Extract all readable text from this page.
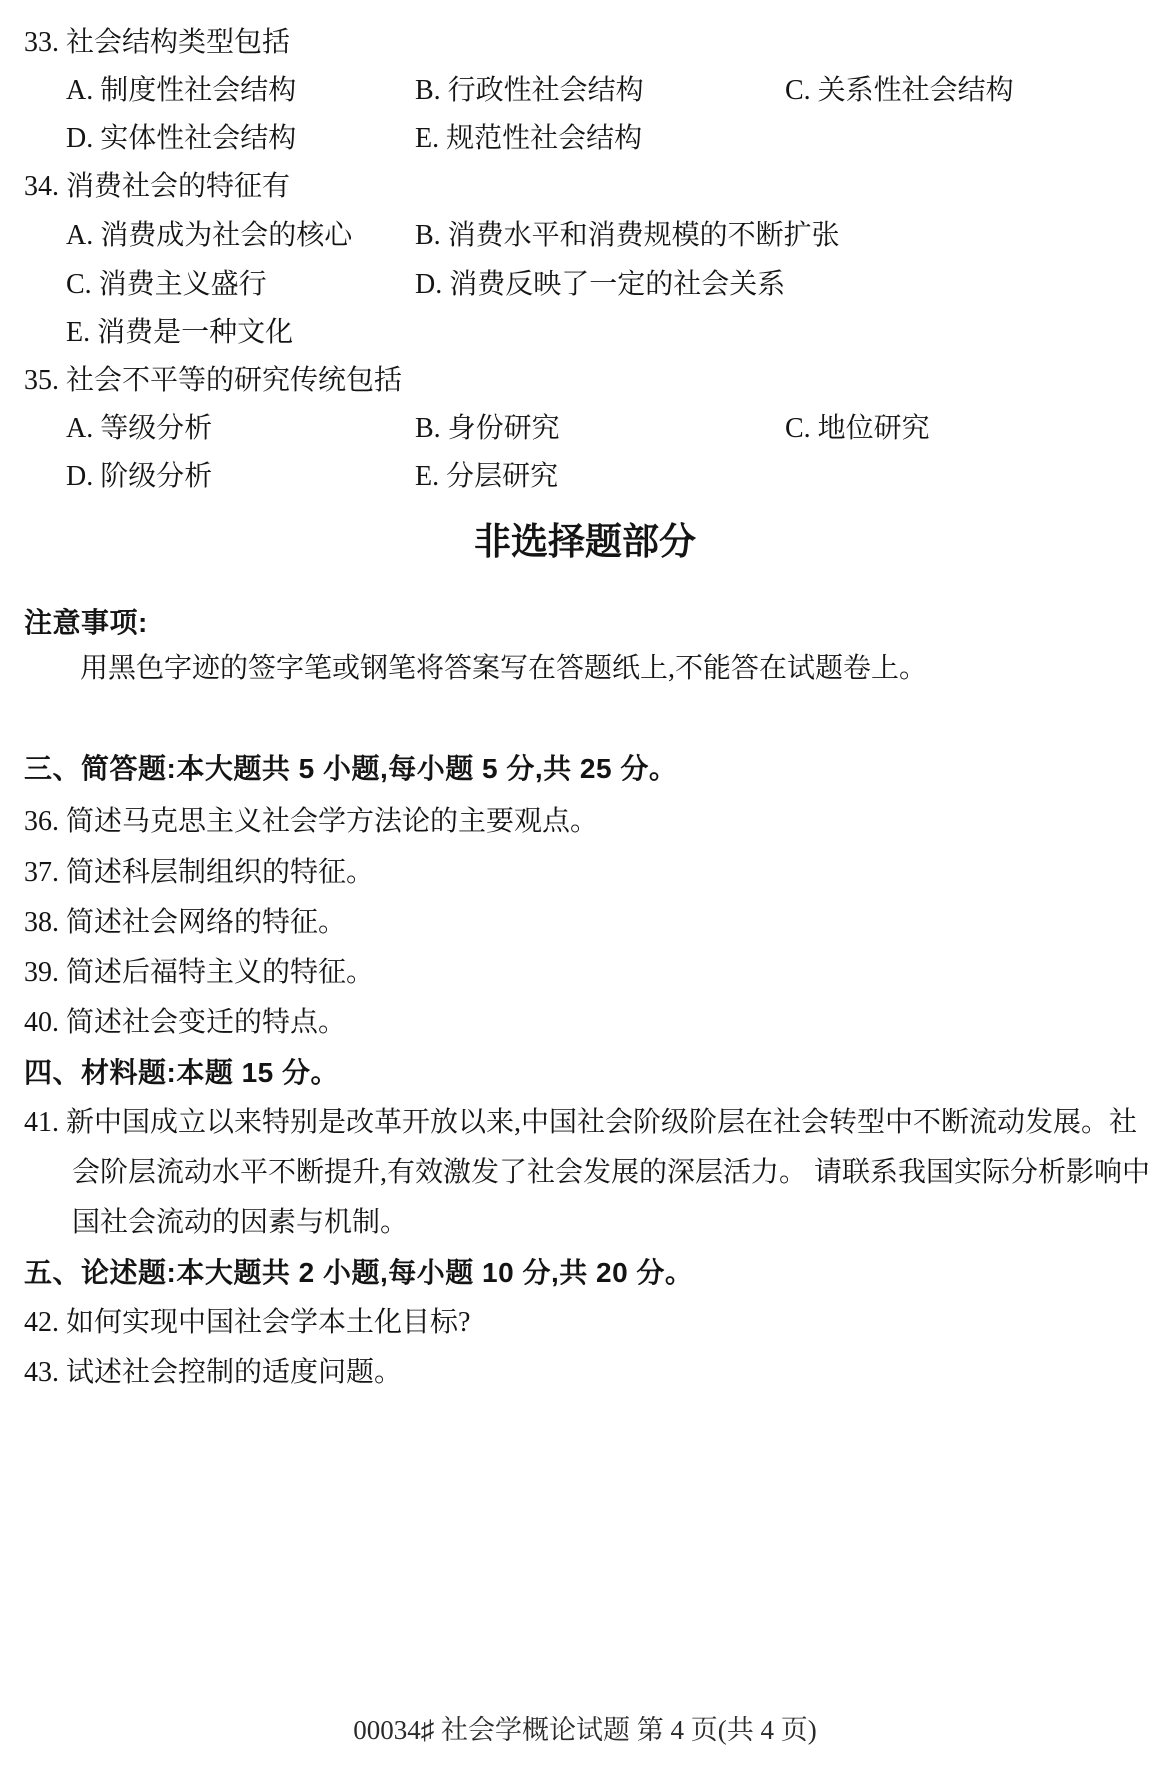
33. 社会结构类型包括
A. 制度性社会结构	B. 行政性社会结构	C. 关系性社会结构
D. 实体性社会结构	E. 规范性社会结构
34. 消费社会的特征有
A. 消费成为社会的核心 B. 消费水平和消费规模的不断扩张
C. 消费主义盛行	D. 消费反映了一定的社会关系
E. 消费是一种文化
35. 社会不平等的研究传统包括
A. 等级分析	B. 身份研究	C. 地位研究
D. 阶级分析	E. 分层研究
非选择题部分
注意事项:
用黑色字迹的签字笔或钢笔将答案写在答题纸上,不能答在试题卷上。
三、简答题:本大题共 5 小题,每小题 5 分,共 25 分。
36. 简述马克思主义社会学方法论的主要观点。
37. 简述科层制组织的特征。
38. 简述社会网络的特征。
39. 简述后福特主义的特征。
40. 简述社会变迁的特点。
四、材料题:本题 15 分。
41. 新中国成立以来特别是改革开放以来,中国社会阶级阶层在社会转型中不断流动发展。社
会阶层流动水平不断提升,有效激发了社会发展的深层活力。 请联系我国实际分析影响中
国社会流动的因素与机制。
五、论述题:本大题共 2 小题,每小题 10 分,共 20 分。
42. 如何实现中国社会学本土化目标?
43. 试述社会控制的适度问题。
00034♯ 社会学概论试题 第 4 页(共 4 页)
